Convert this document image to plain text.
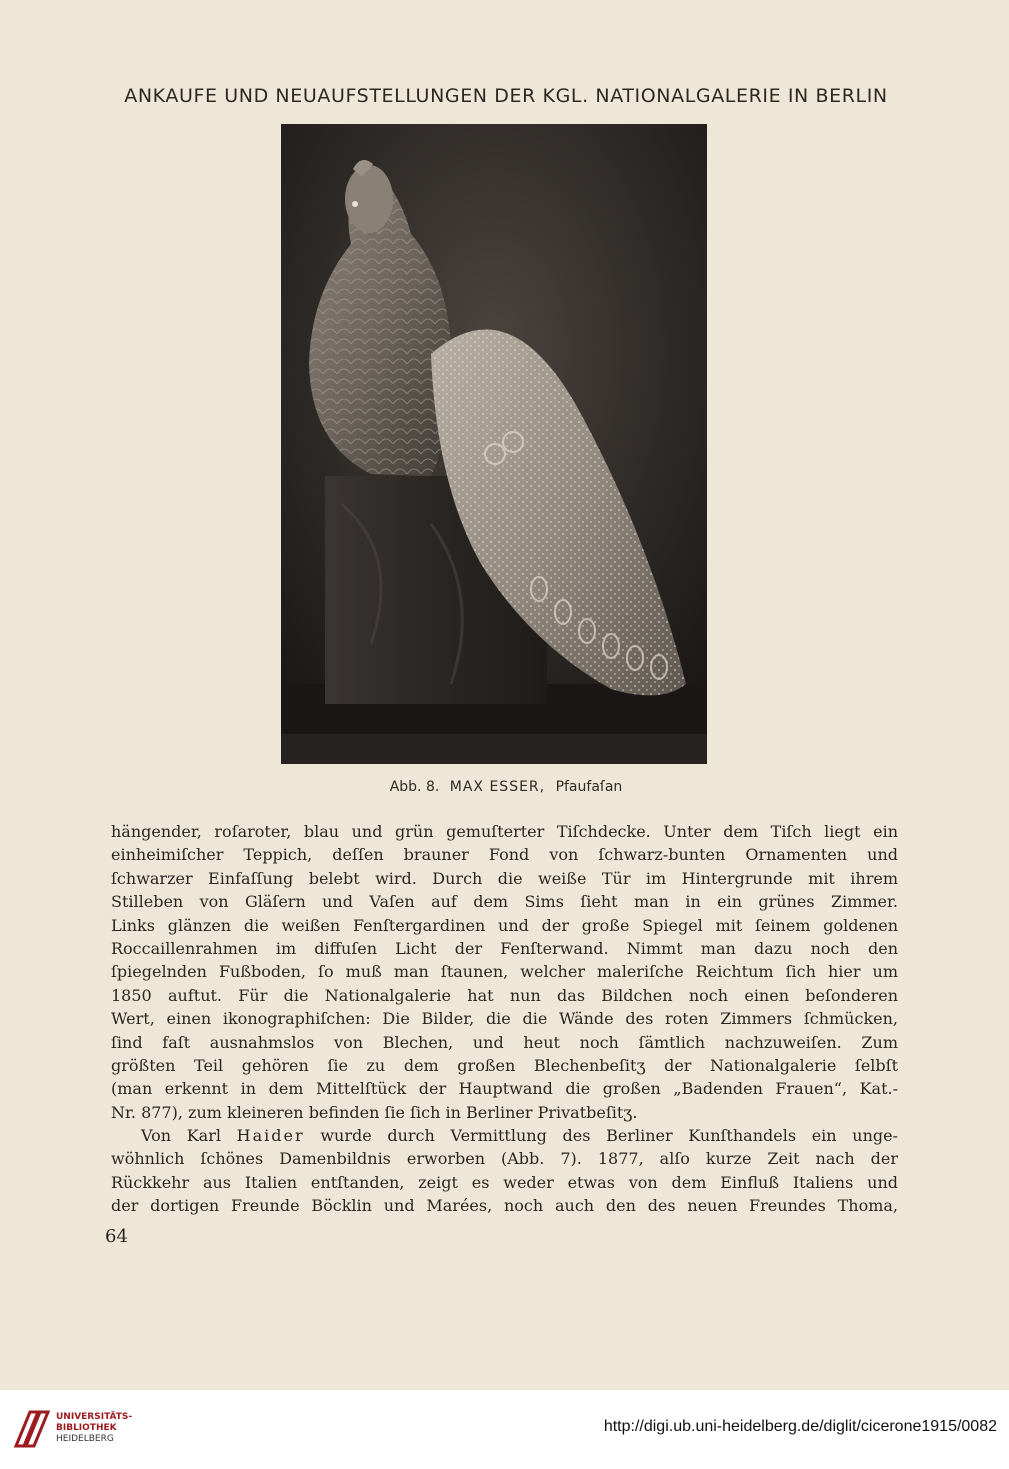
ANKAUFE UND NEUAUFSTELLUNGEN DER KGL. NATIONALGALERIE IN BERLIN
Abb. 8. MAX ESSER, Pfaufaſan
hängender, roſaroter, blau und grün gemuſterter Tiſchdecke. Unter dem Tiſch liegt ein
einheimiſcher Teppich, deſſen brauner Fond von ſchwarz-bunten Ornamenten und
ſchwarzer Einfaſſung belebt wird. Durch die weiße Tür im Hintergrunde mit ihrem
Stilleben von Gläſern und Vaſen auf dem Sims ſieht man in ein grünes Zimmer.
Links glänzen die weißen Fenſtergardinen und der große Spiegel mit ſeinem goldenen
Roccaillenrahmen im diffuſen Licht der Fenſterwand. Nimmt man dazu noch den
ſpiegelnden Fußboden, ſo muß man ſtaunen, welcher maleriſche Reichtum ſich hier um
1850 auftut. Für die Nationalgalerie hat nun das Bildchen noch einen beſonderen
Wert, einen ikonographiſchen: Die Bilder, die die Wände des roten Zimmers ſchmücken,
ſind faſt ausnahmslos von Blechen, und heut noch ſämtlich nachzuweiſen. Zum
größten Teil gehören ſie zu dem großen Blechenbeſitʒ der Nationalgalerie ſelbſt
(man erkennt in dem Mittelſtück der Hauptwand die großen „Badenden Frauen“, Kat.-
Nr. 877), zum kleineren befinden ſie ſich in Berliner Privatbeſitʒ.
Von Karl Haider wurde durch Vermittlung des Berliner Kunſthandels ein unge-
wöhnlich ſchönes Damenbildnis erworben (Abb. 7). 1877, alſo kurze Zeit nach der
Rückkehr aus Italien entſtanden, zeigt es weder etwas von dem Einfluß Italiens und
der dortigen Freunde Böcklin und Marées, noch auch den des neuen Freundes Thoma,
64
UNIVERSITÄTS-
BIBLIOTHEK
HEIDELBERG
http://digi.ub.uni-heidelberg.de/diglit/cicerone1915/0082
